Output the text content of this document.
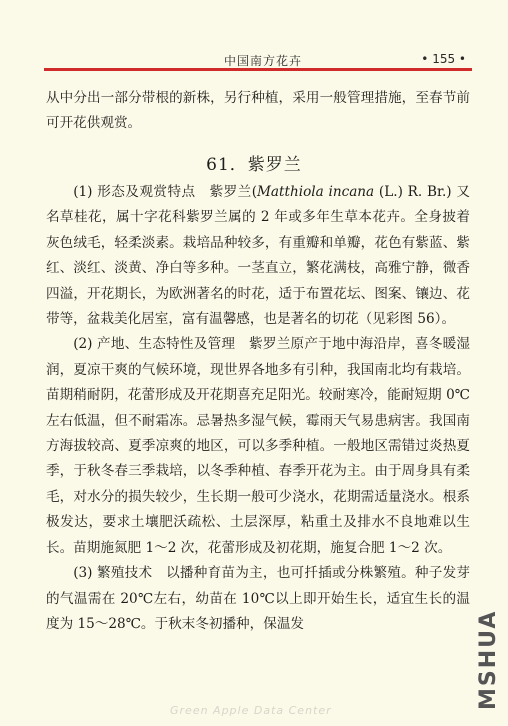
中国南方花卉	• 155 •

从中分出一部分带根的新株，另行种植，采用一般管理措施，至春节前可开花供观赏。

61．紫罗兰

(1) 形态及观赏特点　紫罗兰(Matthiola incana (L.) R. Br.) 又名草桂花，属十字花科紫罗兰属的 2 年或多年生草本花卉。全身披着灰色绒毛，轻柔淡素。栽培品种较多，有重瓣和单瓣，花色有紫蓝、紫红、淡红、淡黄、净白等多种。一茎直立，繁花满枝，高雅宁静，微香四溢，开花期长，为欧洲著名的时花，适于布置花坛、图案、镶边、花带等，盆栽美化居室，富有温馨感，也是著名的切花（见彩图 56）。

(2) 产地、生态特性及管理　紫罗兰原产于地中海沿岸，喜冬暖湿润，夏凉干爽的气候环境，现世界各地多有引种，我国南北均有栽培。苗期稍耐阴，花蕾形成及开花期喜充足阳光。较耐寒冷，能耐短期 0℃左右低温，但不耐霜冻。忌暑热多湿气候，霉雨天气易患病害。我国南方海拔较高、夏季凉爽的地区，可以多季种植。一般地区需错过炎热夏季，于秋冬春三季栽培，以冬季种植、春季开花为主。由于周身具有柔毛，对水分的损失较少，生长期一般可少浇水，花期需适量浇水。根系极发达，要求土壤肥沃疏松、土层深厚，粘重土及排水不良地难以生长。苗期施氮肥 1～2 次，花蕾形成及初花期，施复合肥 1～2 次。

(3) 繁殖技术　以播种育苗为主，也可扦插或分株繁殖。种子发芽的气温需在 20℃左右，幼苗在 10℃以上即开始生长，适宜生长的温度为 15～28℃。于秋末冬初播种，保温发	MSHUA
Green Apple Data Center
